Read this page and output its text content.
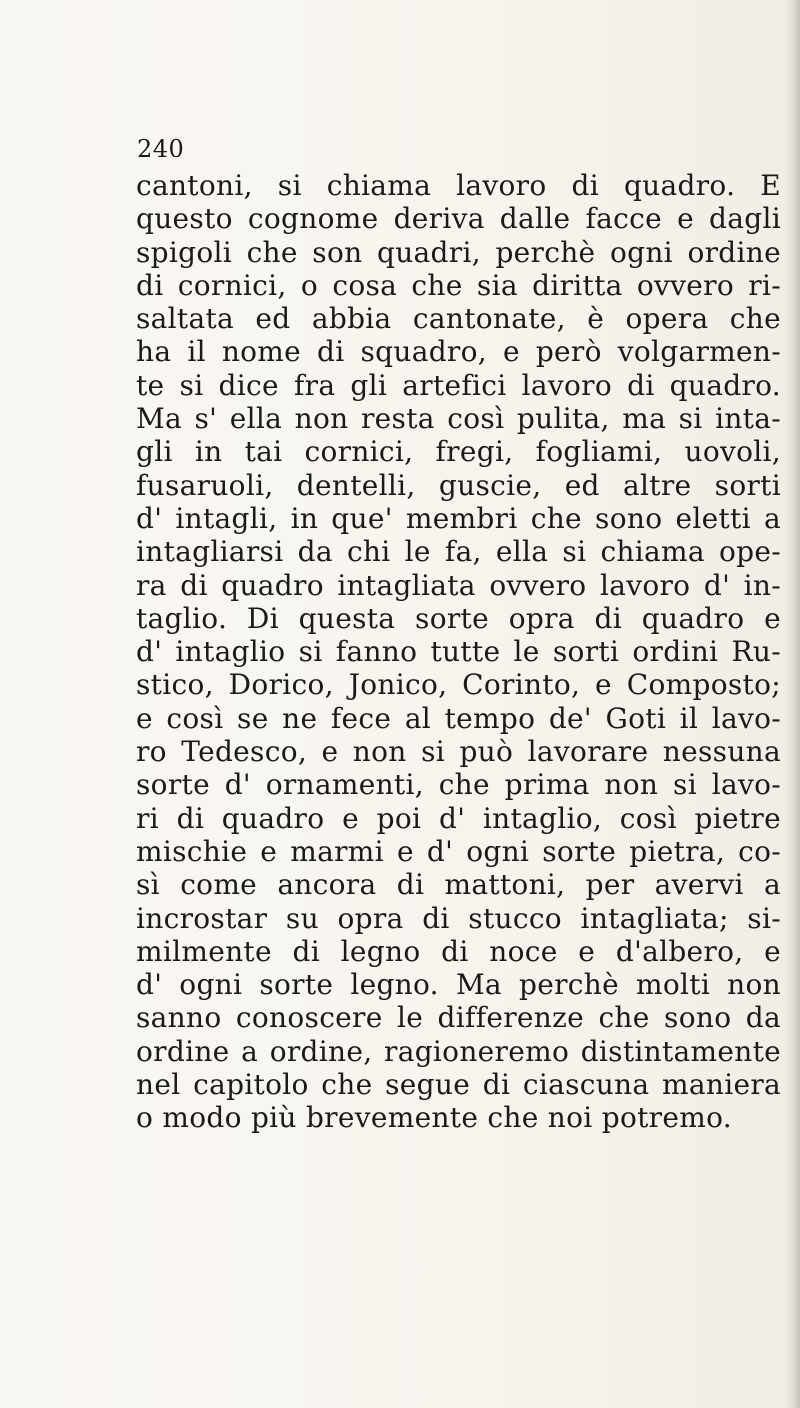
240
cantoni, si chiama lavoro di quadro. E
questo cognome deriva dalle facce e dagli
spigoli che son quadri, perchè ogni ordine
di cornici, o cosa che sia diritta ovvero ri-
saltata ed abbia cantonate, è opera che
ha il nome di squadro, e però volgarmen-
te si dice fra gli artefici lavoro di quadro.
Ma s' ella non resta così pulita, ma si inta-
gli in tai cornici, fregi, fogliami, uovoli,
fusaruoli, dentelli, guscie, ed altre sorti
d' intagli, in que' membri che sono eletti a
intagliarsi da chi le fa, ella si chiama ope-
ra di quadro intagliata ovvero lavoro d' in-
taglio. Di questa sorte opra di quadro e
d' intaglio si fanno tutte le sorti ordini Ru-
stico, Dorico, Jonico, Corinto, e Composto;
e così se ne fece al tempo de' Goti il lavo-
ro Tedesco, e non si può lavorare nessuna
sorte d' ornamenti, che prima non si lavo-
ri di quadro e poi d' intaglio, così pietre
mischie e marmi e d' ogni sorte pietra, co-
sì come ancora di mattoni, per avervi a
incrostar su opra di stucco intagliata; si-
milmente di legno di noce e d'albero, e
d' ogni sorte legno. Ma perchè molti non
sanno conoscere le differenze che sono da
ordine a ordine, ragioneremo distintamente
nel capitolo che segue di ciascuna maniera
o modo più brevemente che noi potremo.
